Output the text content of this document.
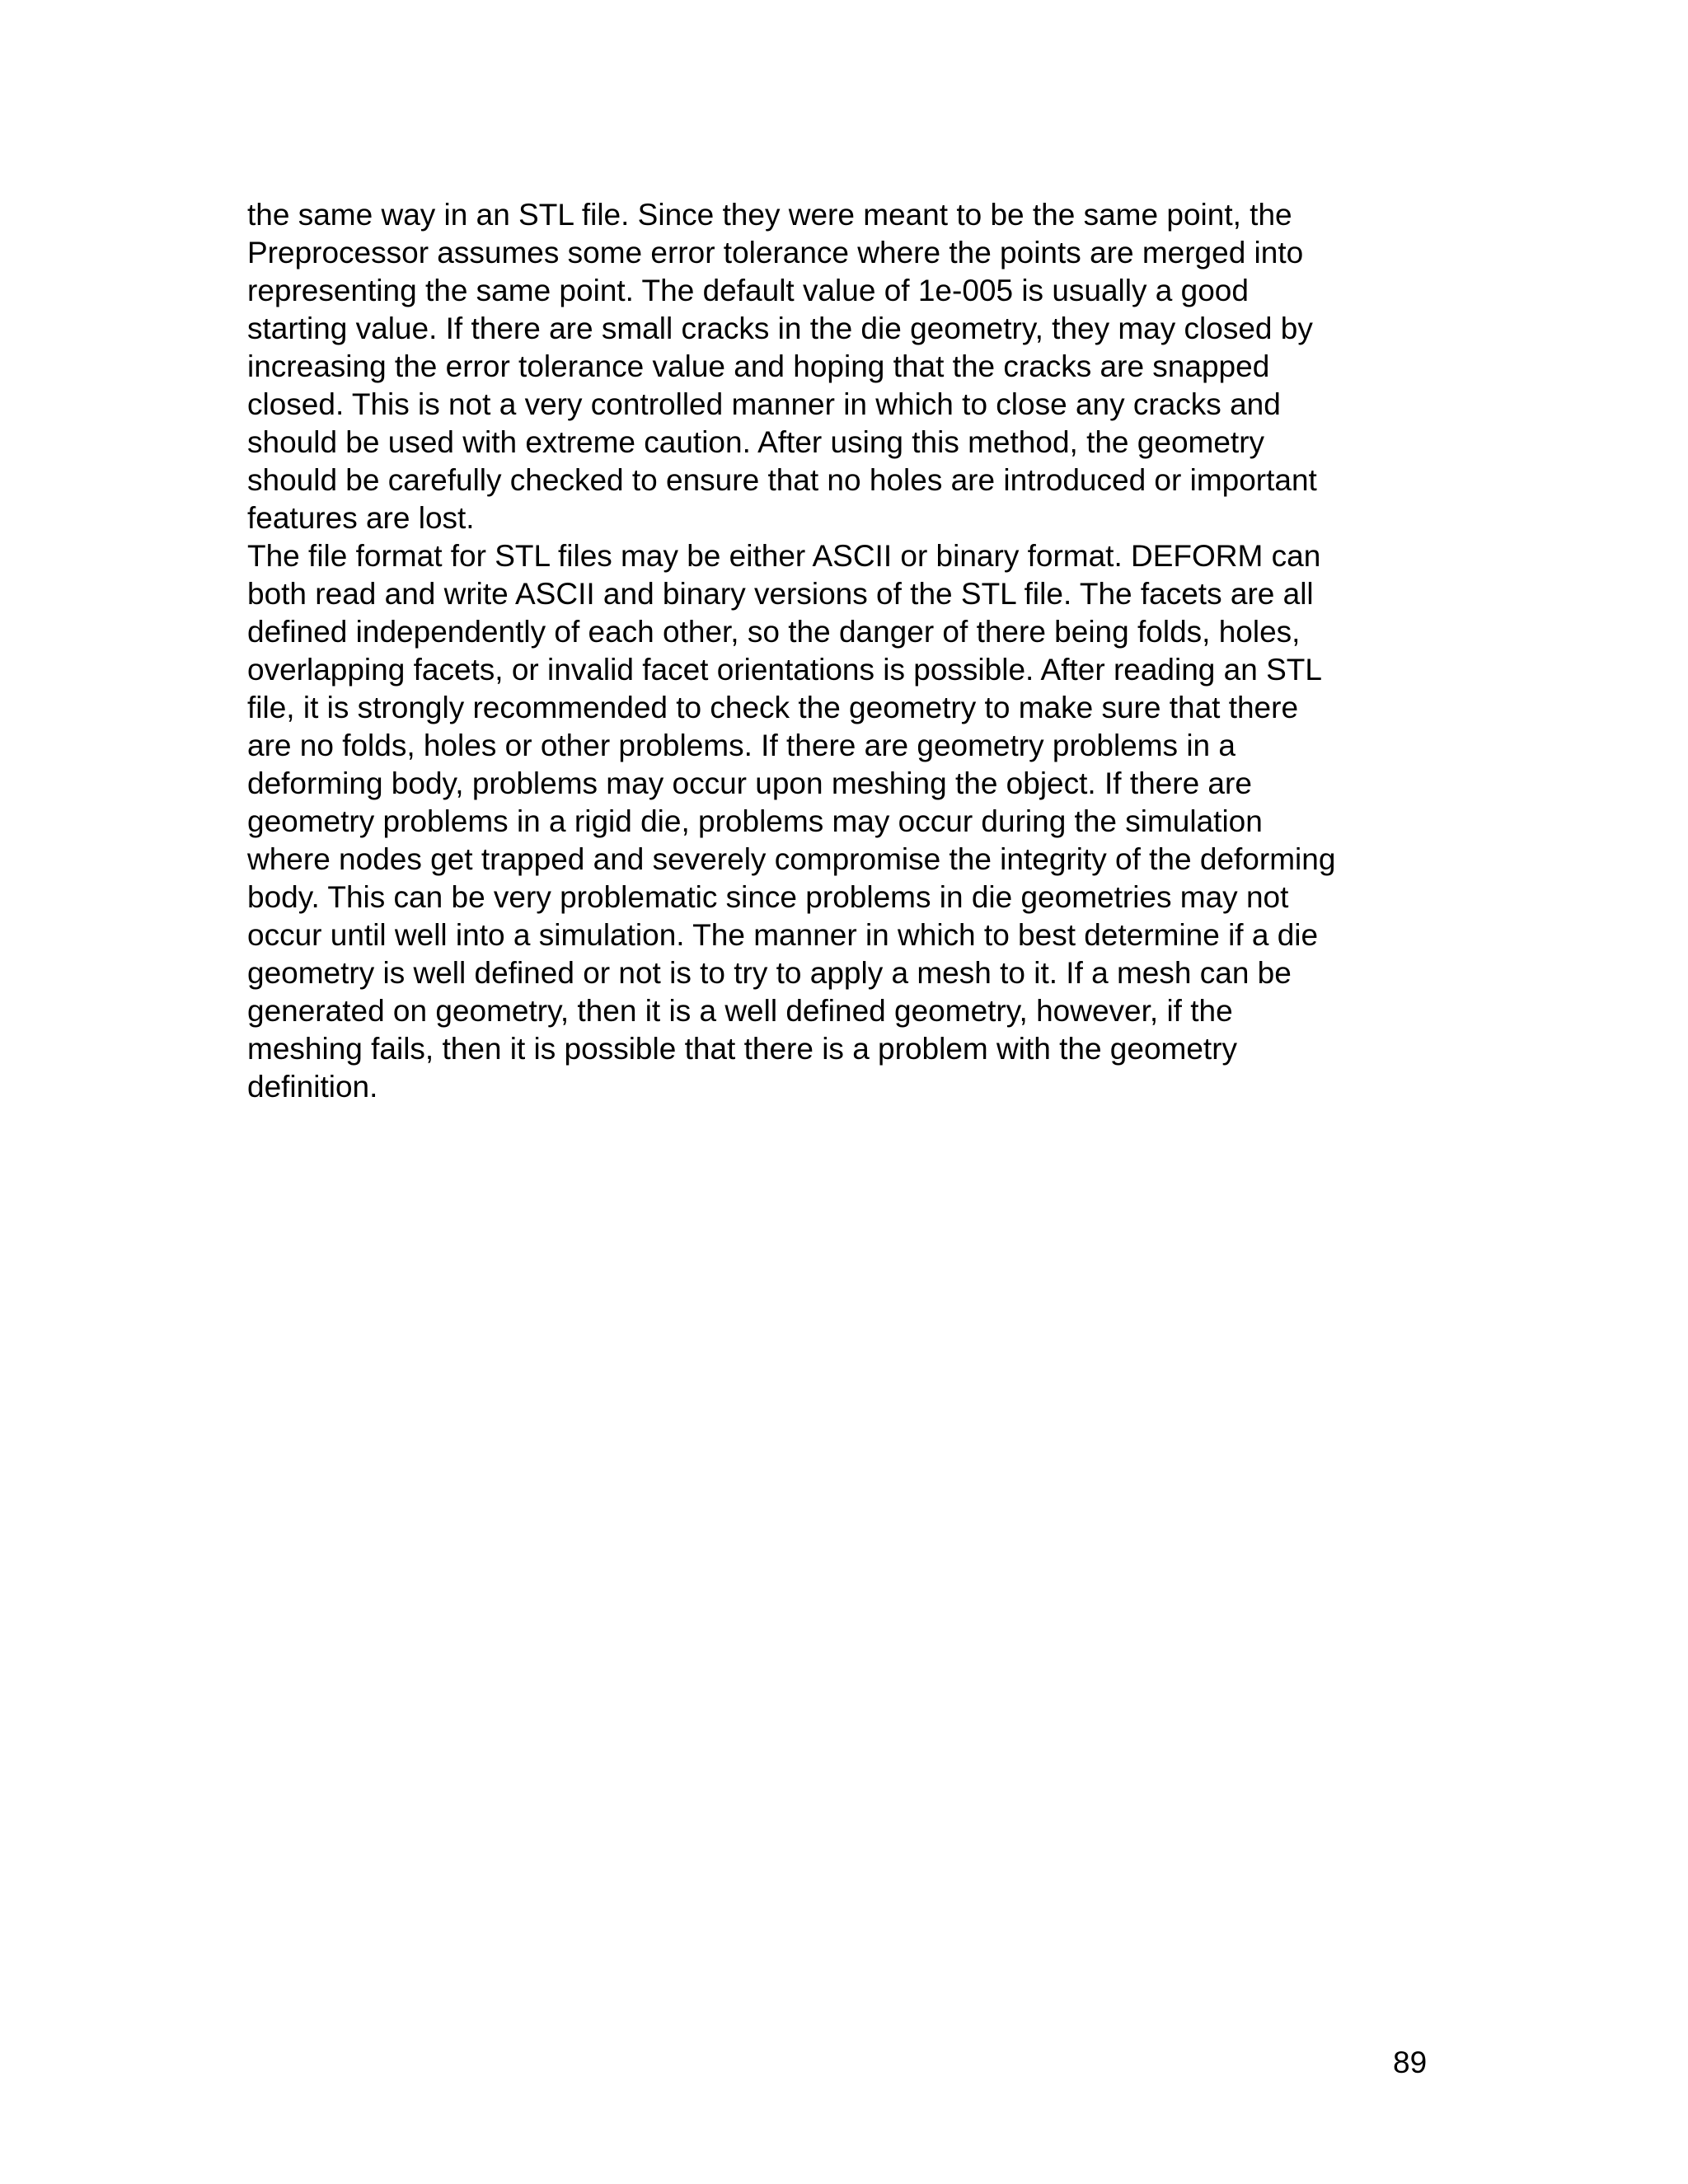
the same way in an STL file. Since they were meant to be the same point, the
Preprocessor assumes some error tolerance where the points are merged into
representing the same point. The default value of 1e-005 is usually a good
starting value. If there are small cracks in the die geometry, they may closed by
increasing the error tolerance value and hoping that the cracks are snapped
closed. This is not a very controlled manner in which to close any cracks and
should be used with extreme caution. After using this method, the geometry
should be carefully checked to ensure that no holes are introduced or important
features are lost.
The file format for STL files may be either ASCII or binary format. DEFORM can
both read and write ASCII and binary versions of the STL file. The facets are all
defined independently of each other, so the danger of there being folds, holes,
overlapping facets, or invalid facet orientations is possible. After reading an STL
file, it is strongly recommended to check the geometry to make sure that there
are no folds, holes or other problems. If there are geometry problems in a
deforming body, problems may occur upon meshing the object. If there are
geometry problems in a rigid die, problems may occur during the simulation
where nodes get trapped and severely compromise the integrity of the deforming
body. This can be very problematic since problems in die geometries may not
occur until well into a simulation. The manner in which to best determine if a die
geometry is well defined or not is to try to apply a mesh to it. If a mesh can be
generated on geometry, then it is a well defined geometry, however, if the
meshing fails, then it is possible that there is a problem with the geometry
definition.
89
